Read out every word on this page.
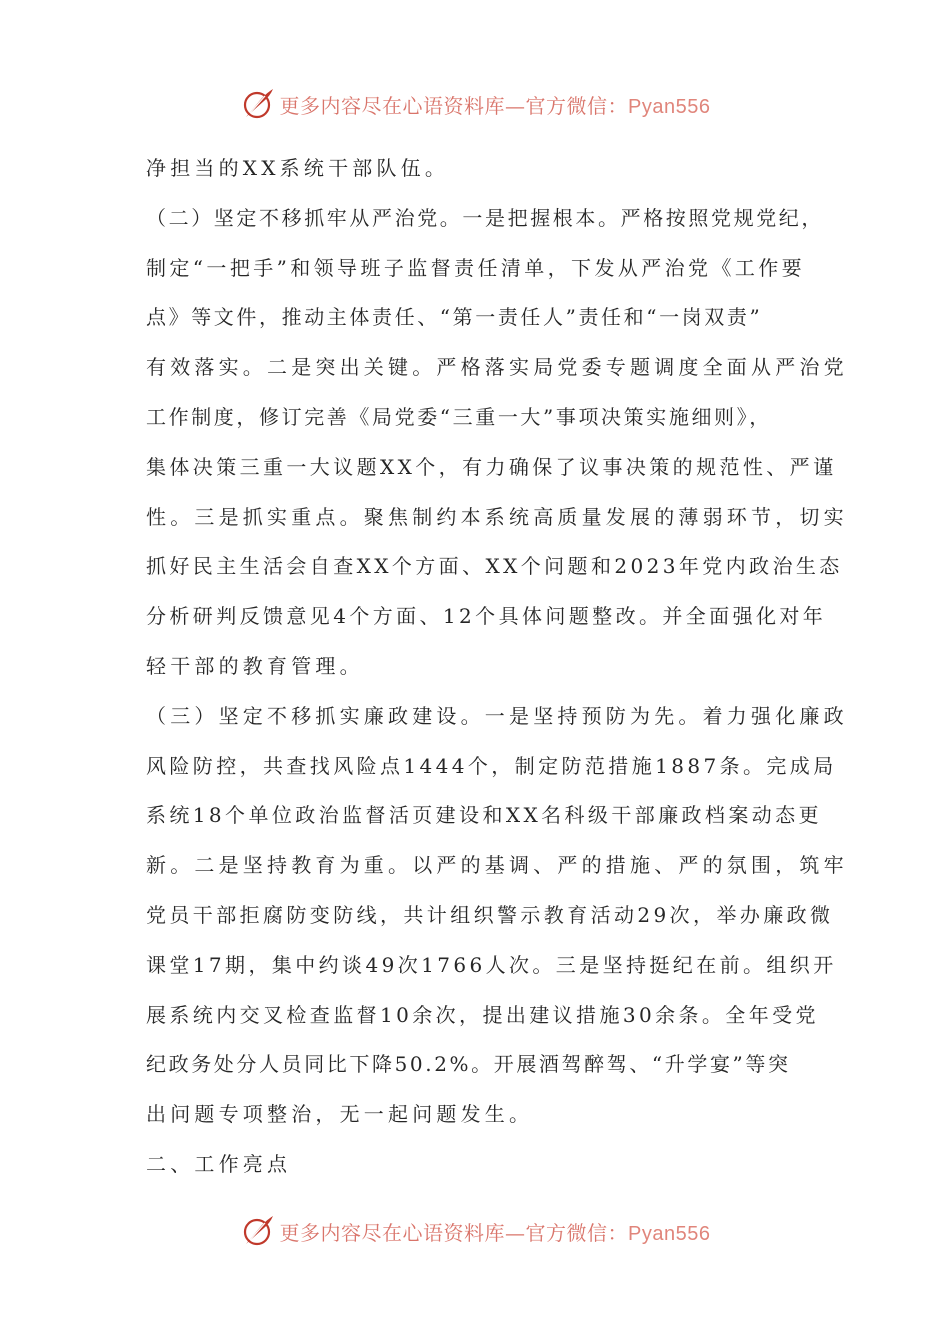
更多内容尽在心语资料库—官方微信：Pyan556
净担当的XX系统干部队伍。
（二）坚定不移抓牢从严治党。一是把握根本。严格按照党规党纪，
制定“一把手”和领导班子监督责任清单，下发从严治党《工作要
点》等文件，推动主体责任、“第一责任人”责任和“一岗双责”
有效落实。二是突出关键。严格落实局党委专题调度全面从严治党
工作制度，修订完善《局党委“三重一大”事项决策实施细则》，
集体决策三重一大议题XX个，有力确保了议事决策的规范性、严谨
性。三是抓实重点。聚焦制约本系统高质量发展的薄弱环节，切实
抓好民主生活会自查XX个方面、XX个问题和2023年党内政治生态
分析研判反馈意见4个方面、12个具体问题整改。并全面强化对年
轻干部的教育管理。
（三）坚定不移抓实廉政建设。一是坚持预防为先。着力强化廉政
风险防控，共查找风险点1444个，制定防范措施1887条。完成局
系统18个单位政治监督活页建设和XX名科级干部廉政档案动态更
新。二是坚持教育为重。以严的基调、严的措施、严的氛围，筑牢
党员干部拒腐防变防线，共计组织警示教育活动29次，举办廉政微
课堂17期，集中约谈49次1766人次。三是坚持挺纪在前。组织开
展系统内交叉检查监督10余次，提出建议措施30余条。全年受党
纪政务处分人员同比下降50.2%。开展酒驾醉驾、“升学宴”等突
出问题专项整治，无一起问题发生。
二、工作亮点
更多内容尽在心语资料库—官方微信：Pyan556
